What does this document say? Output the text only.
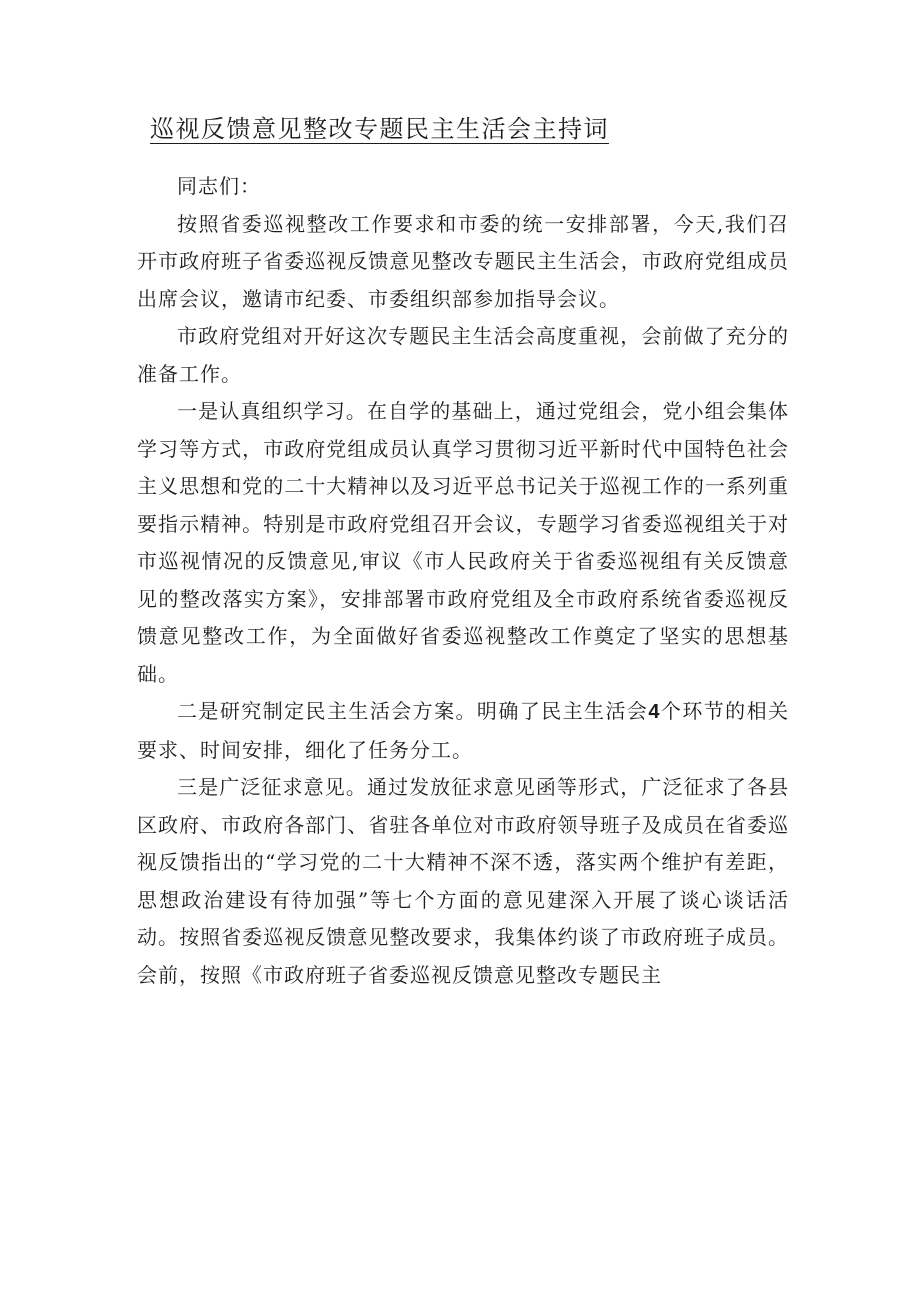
巡视反馈意见整改专题民主生活会主持词

同志们：

按照省委巡视整改工作要求和市委的统一安排部署，今天,我们召开市政府班子省委巡视反馈意见整改专题民主生活会，市政府党组成员出席会议，邀请市纪委、市委组织部参加指导会议。

市政府党组对开好这次专题民主生活会高度重视，会前做了充分的准备工作。

一是认真组织学习。在自学的基础上，通过党组会，党小组会集体学习等方式，市政府党组成员认真学习贯彻习近平新时代中国特色社会主义思想和党的二十大精神以及习近平总书记关于巡视工作的一系列重要指示精神。特别是市政府党组召开会议，专题学习省委巡视组关于对市巡视情况的反馈意见,审议《市人民政府关于省委巡视组有关反馈意见的整改落实方案》，安排部署市政府党组及全市政府系统省委巡视反馈意见整改工作，为全面做好省委巡视整改工作奠定了坚实的思想基础。

二是研究制定民主生活会方案。明确了民主生活会4个环节的相关要求、时间安排，细化了任务分工。

三是广泛征求意见。通过发放征求意见函等形式，广泛征求了各县区政府、市政府各部门、省驻各单位对市政府领导班子及成员在省委巡视反馈指出的“学习党的二十大精神不深不透，落实两个维护有差距，思想政治建设有待加强”等七个方面的意见建深入开展了谈心谈话活动。按照省委巡视反馈意见整改要求，我集体约谈了市政府班子成员。会前，按照《市政府班子省委巡视反馈意见整改专题民主
